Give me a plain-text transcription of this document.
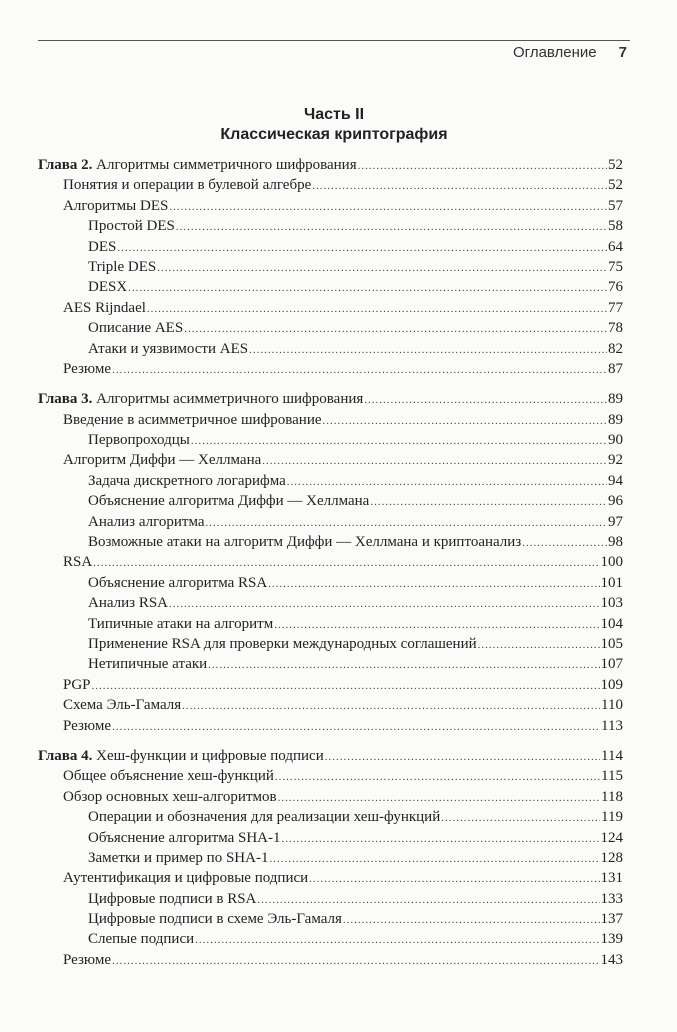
Оглавление 7
Часть II
Классическая криптография
Глава 2. Алгоритмы симметричного шифрования .....	52
Понятия и операции в булевой алгебре .....	52
Алгоритмы DES .....	57
Простой DES .....	58
DES .....	64
Triple DES .....	75
DESX .....	76
AES Rijndael .....	77
Описание AES .....	78
Атаки и уязвимости AES .....	82
Резюме .....	87
Глава 3. Алгоритмы асимметричного шифрования .....	89
Введение в асимметричное шифрование .....	89
Первопроходцы .....	90
Алгоритм Диффи — Хеллмана .....	92
Задача дискретного логарифма .....	94
Объяснение алгоритма Диффи — Хеллмана .....	96
Анализ алгоритма .....	97
Возможные атаки на алгоритм Диффи — Хеллмана и криптоанализ .....	98
RSA .....	100
Объяснение алгоритма RSA .....	101
Анализ RSA .....	103
Типичные атаки на алгоритм .....	104
Применение RSA для проверки международных соглашений .....	105
Нетипичные атаки .....	107
PGP .....	109
Схема Эль-Гамаля .....	110
Резюме .....	113
Глава 4. Хеш-функции и цифровые подписи .....	114
Общее объяснение хеш-функций .....	115
Обзор основных хеш-алгоритмов .....	118
Операции и обозначения для реализации хеш-функций .....	119
Объяснение алгоритма SHA-1 .....	124
Заметки и пример по SHA-1 .....	128
Аутентификация и цифровые подписи .....	131
Цифровые подписи в RSA .....	133
Цифровые подписи в схеме Эль-Гамаля .....	137
Слепые подписи .....	139
Резюме .....	143
